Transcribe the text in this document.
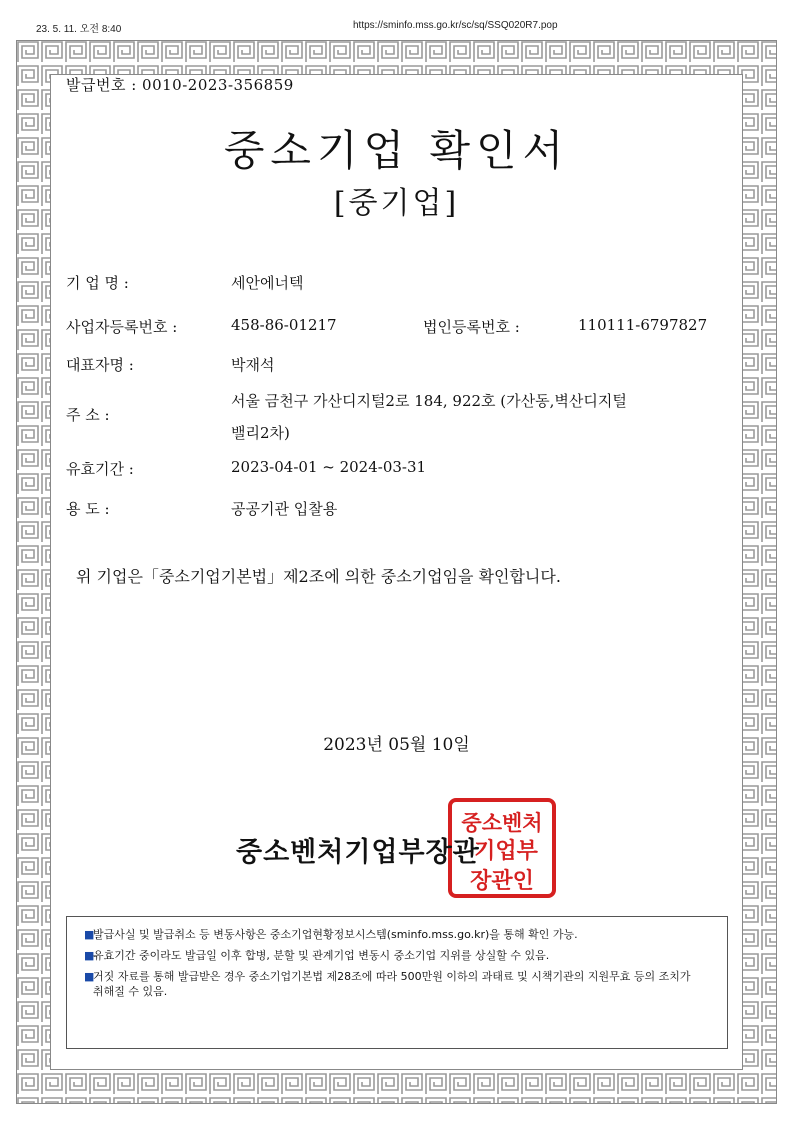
23. 5. 11. 오전 8:40	https://sminfo.mss.go.kr/sc/sq/SSQ020R7.pop
발급번호 : 0010-2023-356859
중소기업 확인서
[중기업]
기 업 명 :	세안에너텍
사업자등록번호 :	458-86-01217	법인등록번호 :	110111-6797827
대표자명 :	박재석
주 소 :
서울 금천구 가산디지털2로 184, 922호 (가산동,벽산디지털
밸리2차)
유효기간 :	2023-04-01 ~ 2024-03-31
용 도 :	공공기관 입찰용
위 기업은「중소기업기본법」제2조에 의한 중소기업임을 확인합니다.
2023년 05월 10일
중소벤처
기업부
장관인
중소벤처기업부장관
■
발급사실 및 발급취소 등 변동사항은 중소기업현황정보시스템(sminfo.mss.go.kr)을 통해 확인 가능.
■
유효기간 중이라도 발급일 이후 합병, 분할 및 관계기업 변동시 중소기업 지위를 상실할 수 있음.
■
거짓 자료를 통해 발급받은 경우 중소기업기본법 제28조에 따라 500만원 이하의 과태료 및 시책기관의 지원무효 등의 조치가 취해질 수 있음.
